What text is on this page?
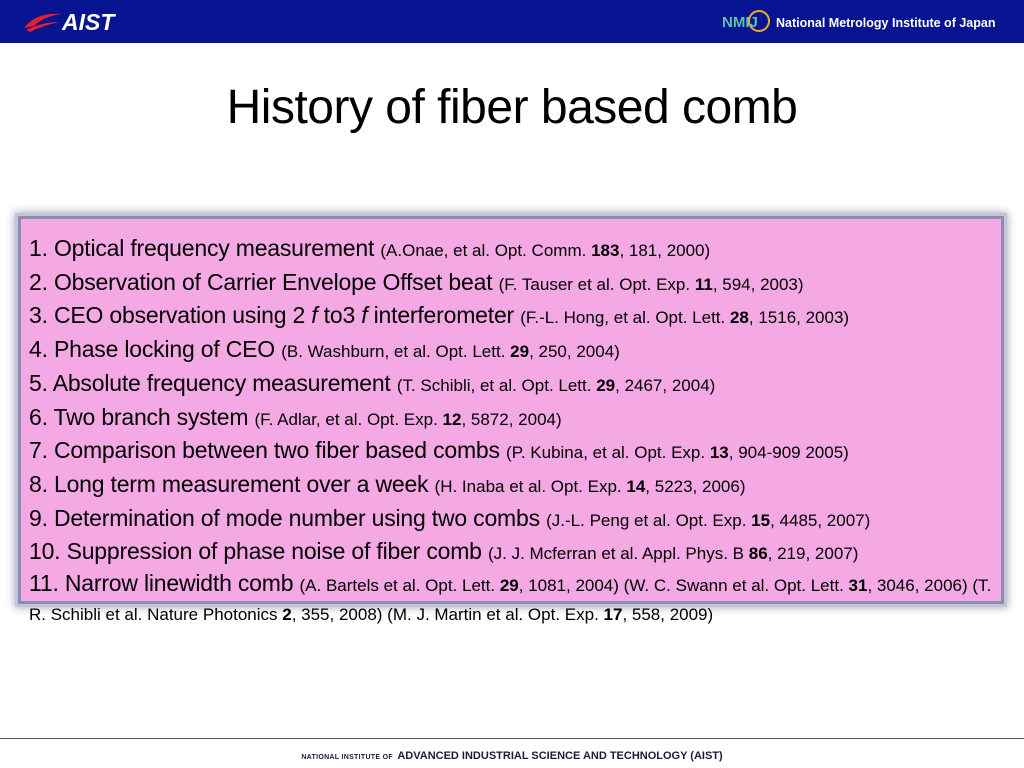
AIST	NMIJ National Metrology Institute of Japan
History of fiber based comb
1. Optical frequency measurement (A.Onae, et al. Opt. Comm. 183, 181, 2000)
2. Observation of Carrier Envelope Offset beat (F. Tauser et al. Opt. Exp. 11, 594, 2003)
3. CEO observation using 2 f to3 f interferometer (F.-L. Hong, et al. Opt. Lett. 28, 1516, 2003)
4. Phase locking of CEO (B. Washburn, et al. Opt. Lett. 29, 250, 2004)
5. Absolute frequency measurement (T. Schibli, et al. Opt. Lett. 29, 2467, 2004)
6. Two branch system (F. Adlar, et al. Opt. Exp. 12, 5872, 2004)
7. Comparison between two fiber based combs (P. Kubina, et al. Opt. Exp. 13, 904-909 2005)
8. Long term measurement over a week (H. Inaba et al. Opt. Exp. 14, 5223, 2006)
9. Determination of mode number using two combs (J.-L. Peng et al. Opt. Exp. 15, 4485, 2007)
10. Suppression of phase noise of fiber comb (J. J. Mcferran et al. Appl. Phys. B 86, 219, 2007)
11. Narrow linewidth comb (A. Bartels et al. Opt. Lett. 29, 1081, 2004) (W. C. Swann et al. Opt. Lett. 31, 3046, 2006) (T. R. Schibli et al. Nature Photonics 2, 355, 2008) (M. J. Martin et al. Opt. Exp. 17, 558, 2009)
NATIONAL INSTITUTE OF ADVANCED INDUSTRIAL SCIENCE AND TECHNOLOGY (AIST)
